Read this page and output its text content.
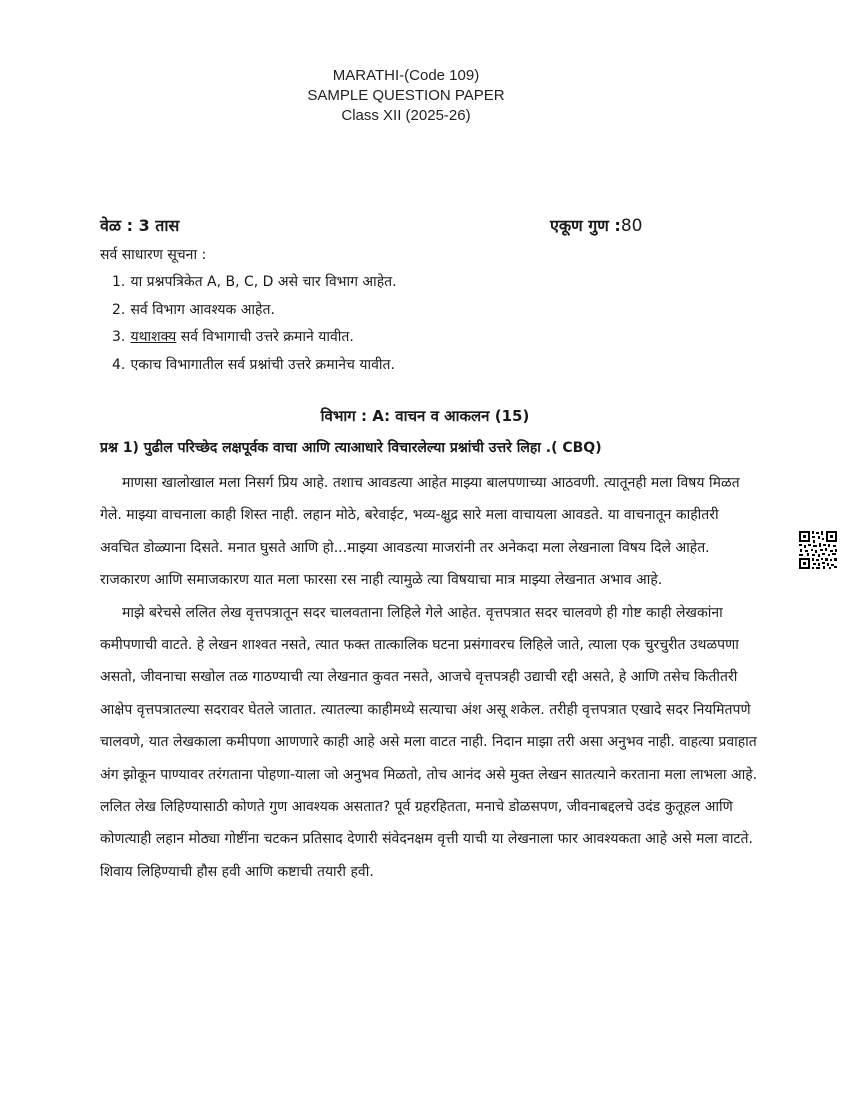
MARATHI-(Code 109)
SAMPLE QUESTION PAPER
Class XII (2025-26)
वेळ : 3 तास	एकूण गुण :80
सर्व साधारण सूचना :
1. या प्रश्नपत्रिकेत A, B, C, D असे चार विभाग आहेत.
2. सर्व विभाग आवश्यक आहेत.
3. यथाशक्य सर्व विभागाची उत्तरे क्रमाने यावीत.
4. एकाच विभागातील सर्व प्रश्नांची उत्तरे क्रमानेच यावीत.
विभाग : A: वाचन व आकलन (15)
प्रश्न 1) पुढील परिच्छेद लक्षपूर्वक वाचा आणि त्याआधारे विचारलेल्या प्रश्नांची उत्तरे लिहा .( CBQ)

माणसा खालोखाल मला निसर्ग प्रिय आहे. तशाच आवडत्या आहेत माझ्या बालपणाच्या आठवणी. त्यातूनही मला विषय मिळत गेले. माझ्या वाचनाला काही शिस्त नाही. लहान मोठे, बरेवाईट, भव्य-क्षुद्र सारे मला वाचायला आवडते. या वाचनातून काहीतरी अवचित डोळ्याना दिसते. मनात घुसते आणि हो...माझ्या आवडत्या माजरांनी तर अनेकदा मला लेखनाला विषय दिले आहेत. राजकारण आणि समाजकारण यात मला फारसा रस नाही त्यामुळे त्या विषयाचा मात्र माझ्या लेखनात अभाव आहे.

माझे बरेचसे ललित लेख वृत्तपत्रातून सदर चालवताना लिहिले गेले आहेत. वृत्तपत्रात सदर चालवणे ही गोष्ट काही लेखकांना कमीपणाची वाटते. हे लेखन शाश्वत नसते, त्यात फक्त तात्कालिक घटना प्रसंगावरच लिहिले जाते, त्याला एक चुरचुरीत उथळपणा असतो, जीवनाचा सखोल तळ गाठण्याची त्या लेखनात कुवत नसते, आजचे वृत्तपत्रही उद्याची रद्दी असते, हे आणि तसेच कितीतरी आक्षेप वृत्तपत्रातल्या सदरावर घेतले जातात. त्यातल्या काहीमध्ये सत्याचा अंश असू शकेल. तरीही वृत्तपत्रात एखादे सदर नियमितपणे चालवणे, यात लेखकाला कमीपणा आणणारे काही आहे असे मला वाटत नाही. निदान माझा तरी असा अनुभव नाही. वाहत्या प्रवाहात अंग झोकून पाण्यावर तरंगताना पोहणा-याला जो अनुभव मिळतो, तोच आनंद असे मुक्त लेखन सातत्याने करताना मला लाभला आहे. ललित लेख लिहिण्यासाठी कोणते गुण आवश्यक असतात? पूर्व ग्रहरहितता, मनाचे डोळसपण, जीवनाबद्दलचे उदंड कुतूहल आणि कोणत्याही लहान मोठ्या गोष्टींना चटकन प्रतिसाद देणारी संवेदनक्षम वृत्ती याची या लेखनाला फार आवश्यकता आहे असे मला वाटते. शिवाय लिहिण्याची हौस हवी आणि कष्टाची तयारी हवी.
